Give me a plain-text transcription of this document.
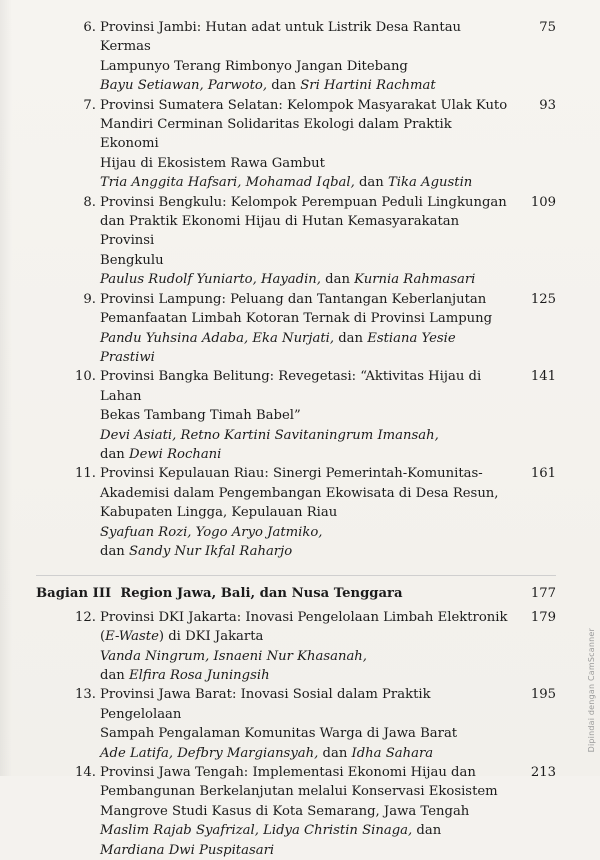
6. Provinsi Jambi: Hutan adat untuk Listrik Desa Rantau Kermas
Lampunyo Terang Rimbonyo Jangan Ditebang
Bayu Setiawan, Parwoto, dan Sri Hartini Rachmat
75
7. Provinsi Sumatera Selatan: Kelompok Masyarakat Ulak Kuto
Mandiri Cerminan Solidaritas Ekologi dalam Praktik Ekonomi
Hijau di Ekosistem Rawa Gambut
Tria Anggita Hafsari, Mohamad Iqbal, dan Tika Agustin
93
8. Provinsi Bengkulu: Kelompok Perempuan Peduli Lingkungan
dan Praktik Ekonomi Hijau di Hutan Kemasyarakatan Provinsi
Bengkulu
Paulus Rudolf Yuniarto, Hayadin, dan Kurnia Rahmasari
109
9. Provinsi Lampung: Peluang dan Tantangan Keberlanjutan
Pemanfaatan Limbah Kotoran Ternak di Provinsi Lampung
Pandu Yuhsina Adaba, Eka Nurjati, dan Estiana Yesie Prastiwi
125
10. Provinsi Bangka Belitung: Revegetasi: “Aktivitas Hijau di Lahan
Bekas Tambang Timah Babel”
Devi Asiati, Retno Kartini Savitaningrum Imansah,
dan Dewi Rochani
141
11. Provinsi Kepulauan Riau: Sinergi Pemerintah-Komunitas-
Akademisi dalam Pengembangan Ekowisata di Desa Resun,
Kabupaten Lingga, Kepulauan Riau
Syafuan Rozi, Yogo Aryo Jatmiko,
dan Sandy Nur Ikfal Raharjo
161
Bagian III  Region Jawa, Bali, dan Nusa Tenggara	177
12. Provinsi DKI Jakarta: Inovasi Pengelolaan Limbah Elektronik
(E-Waste) di DKI Jakarta
Vanda Ningrum, Isnaeni Nur Khasanah,
dan Elfira Rosa Juningsih
179
13. Provinsi Jawa Barat: Inovasi Sosial dalam Praktik Pengelolaan
Sampah Pengalaman Komunitas Warga di Jawa Barat
Ade Latifa, Defbry Margiansyah, dan Idha Sahara
195
14. Provinsi Jawa Tengah: Implementasi Ekonomi Hijau dan
Pembangunan Berkelanjutan melalui Konservasi Ekosistem
Mangrove Studi Kasus di Kota Semarang, Jawa Tengah
Maslim Rajab Syafrizal, Lidya Christin Sinaga, dan
Mardiana Dwi Puspitasari
213
Dipindai dengan CamScanner
